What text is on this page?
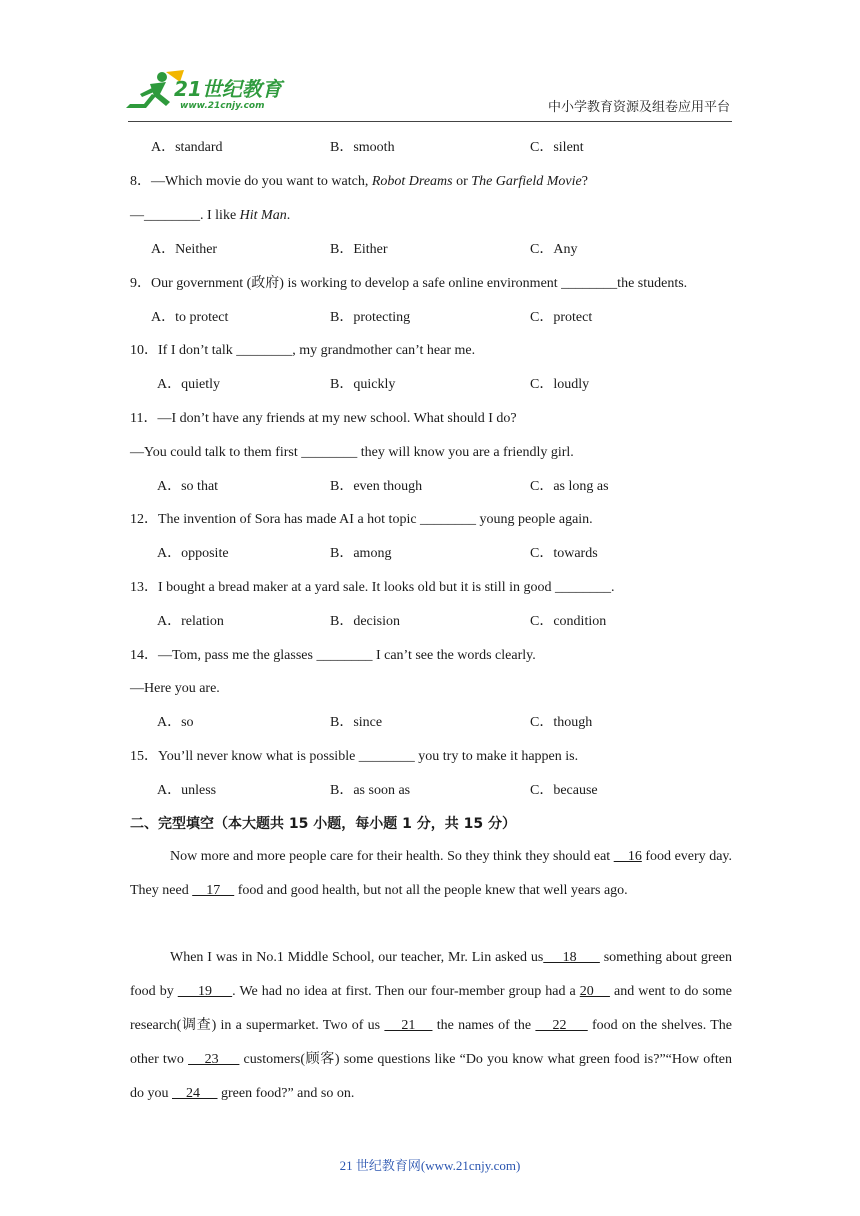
21世纪教育
www.21cnjy.com	中小学教育资源及组卷应用平台
A．standard	B．smooth	C．silent
8．—Which movie do you want to watch, Robot Dreams or The Garfield Movie?
—________. I like Hit Man.
A．Neither	B．Either	C．Any
9．Our government (政府) is working to develop a safe online environment ________the students.
A．to protect	B．protecting	C．protect
10．If I don’t talk ________, my grandmother can’t hear me.
A．quietly	B．quickly	C．loudly
11．—I don’t have any friends at my new school. What should I do?
—You could talk to them first ________ they will know you are a friendly girl.
A．so that	B．even though	C．as long as
12．The invention of Sora has made AI a hot topic ________ young people again.
A．opposite	B．among	C．towards
13．I bought a bread maker at a yard sale. It looks old but it is still in good ________.
A．relation	B．decision	C．condition
14．—Tom, pass me the glasses ________ I can’t see the words clearly.
—Here you are.
A．so	B．since	C．though
15．You’ll never know what is possible ________ you try to make it happen is.
A．unless	B．as soon as	C．because
二、完型填空（本大题共 15 小题，每小题 1 分，共 15 分）
Now more and more people care for their health. So they think they should eat     16 food every day. They need     17     food and good health, but not all the people knew that well years ago.
When I was in No.1 Middle School, our teacher, Mr. Lin asked us     18       something about green food by      19     . We had no idea at first. Then our four-member group had a 20     and went to do some research(调查) in a supermarket. Two of us     21     the names of the     22      food on the shelves. The other two     23      customers(顾客) some questions like “Do you know what green food is?”“How often do you     24      green food?” and so on.
21 世纪教育网(www.21cnjy.com)
